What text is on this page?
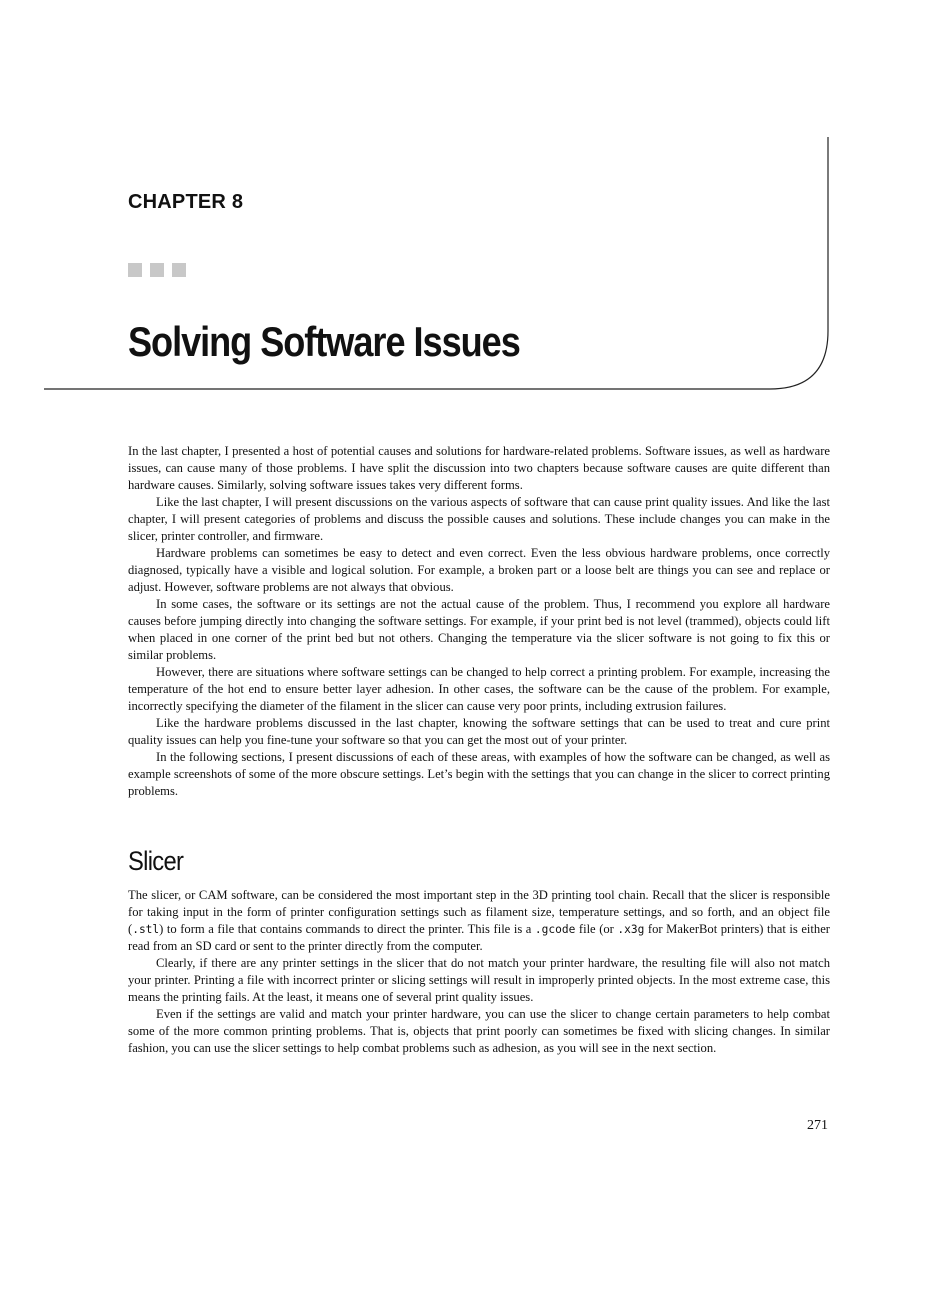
CHAPTER 8
Solving Software Issues

In the last chapter, I presented a host of potential causes and solutions for hardware-related problems. Software issues, as well as hardware issues, can cause many of those problems. I have split the discussion into two chapters because software causes are quite different than hardware causes. Similarly, solving software issues takes very different forms.

Like the last chapter, I will present discussions on the various aspects of software that can cause print quality issues. And like the last chapter, I will present categories of problems and discuss the possible causes and solutions. These include changes you can make in the slicer, printer controller, and firmware.

Hardware problems can sometimes be easy to detect and even correct. Even the less obvious hardware problems, once correctly diagnosed, typically have a visible and logical solution. For example, a broken part or a loose belt are things you can see and replace or adjust. However, software problems are not always that obvious.

In some cases, the software or its settings are not the actual cause of the problem. Thus, I recommend you explore all hardware causes before jumping directly into changing the software settings. For example, if your print bed is not level (trammed), objects could lift when placed in one corner of the print bed but not others. Changing the temperature via the slicer software is not going to fix this or similar problems.

However, there are situations where software settings can be changed to help correct a printing problem. For example, increasing the temperature of the hot end to ensure better layer adhesion. In other cases, the software can be the cause of the problem. For example, incorrectly specifying the diameter of the filament in the slicer can cause very poor prints, including extrusion failures.

Like the hardware problems discussed in the last chapter, knowing the software settings that can be used to treat and cure print quality issues can help you fine-tune your software so that you can get the most out of your printer.

In the following sections, I present discussions of each of these areas, with examples of how the software can be changed, as well as example screenshots of some of the more obscure settings. Let’s begin with the settings that you can change in the slicer to correct printing problems.

Slicer

The slicer, or CAM software, can be considered the most important step in the 3D printing tool chain. Recall that the slicer is responsible for taking input in the form of printer configuration settings such as filament size, temperature settings, and so forth, and an object file (.stl) to form a file that contains commands to direct the printer. This file is a .gcode file (or .x3g for MakerBot printers) that is either read from an SD card or sent to the printer directly from the computer.

Clearly, if there are any printer settings in the slicer that do not match your printer hardware, the resulting file will also not match your printer. Printing a file with incorrect printer or slicing settings will result in improperly printed objects. In the most extreme case, this means the printing fails. At the least, it means one of several print quality issues.

Even if the settings are valid and match your printer hardware, you can use the slicer to change certain parameters to help combat some of the more common printing problems. That is, objects that print poorly can sometimes be fixed with slicing changes. In similar fashion, you can use the slicer settings to help combat problems such as adhesion, as you will see in the next section.

271
